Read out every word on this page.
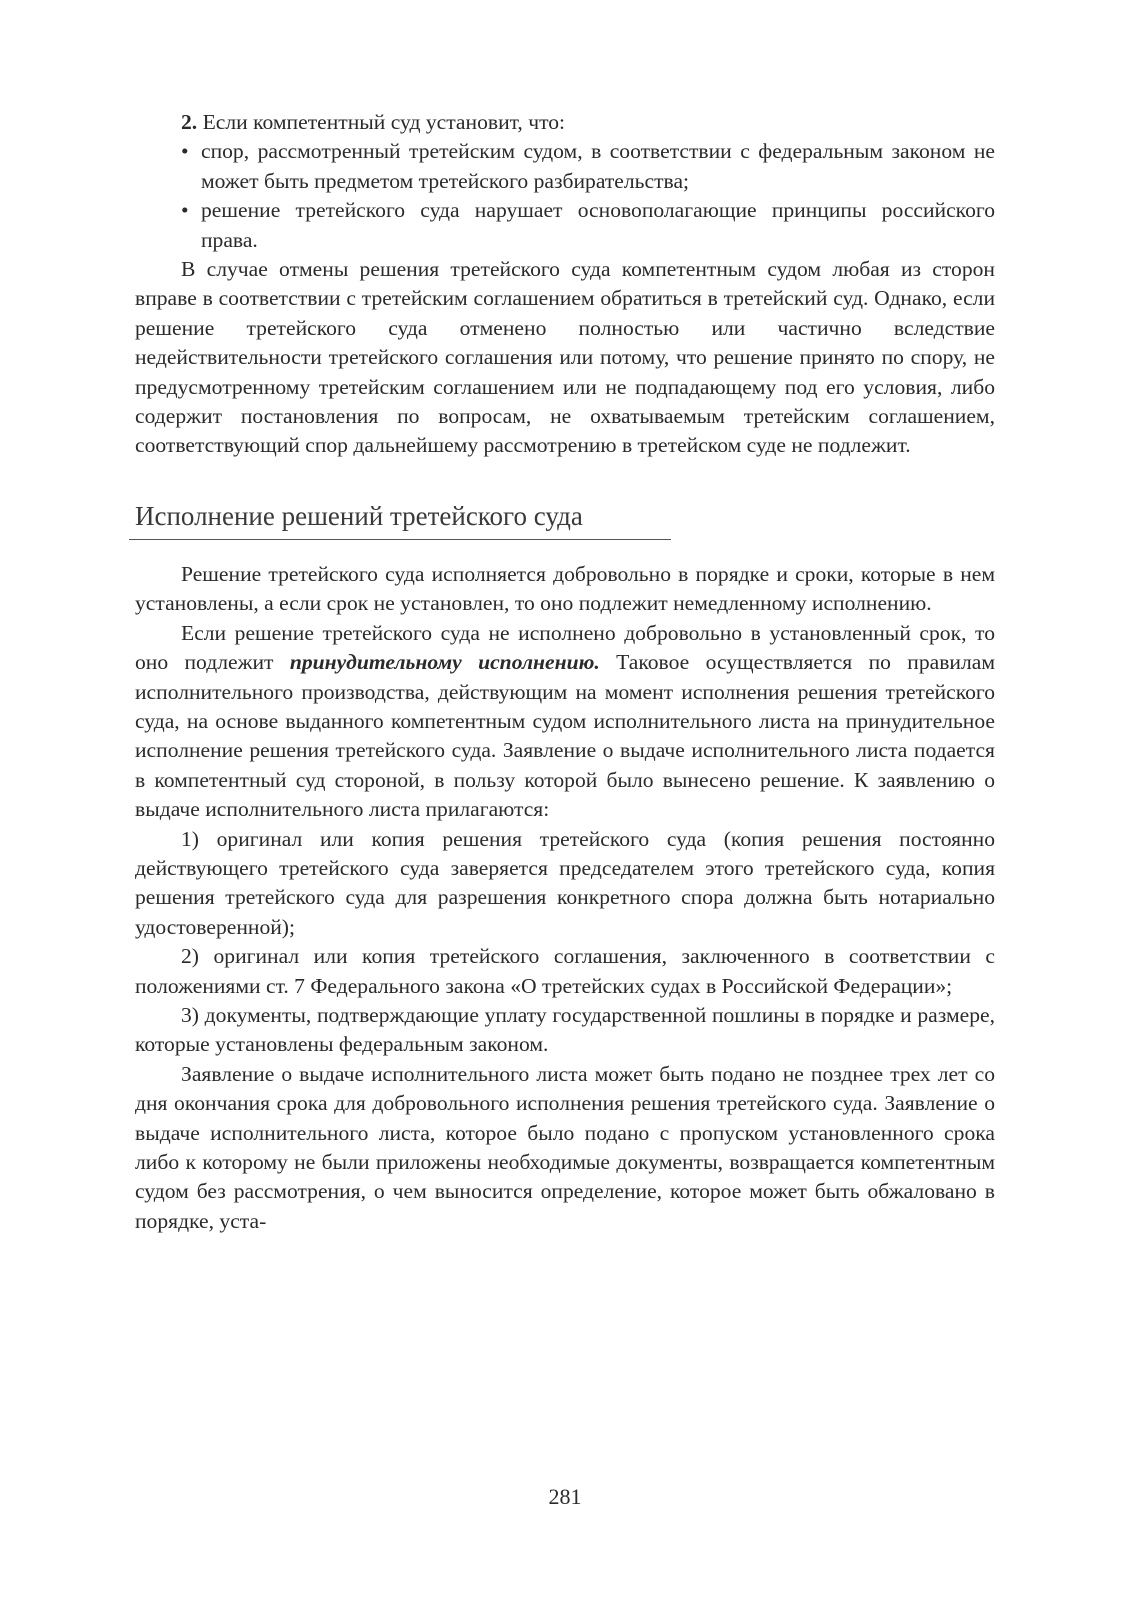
2. Если компетентный суд установит, что:

• спор, рассмотренный третейским судом, в соответствии с федеральным законом не может быть предметом третейского разбирательства;
• решение третейского суда нарушает основополагающие принципы российского права.

В случае отмены решения третейского суда компетентным судом любая из сторон вправе в соответствии с третейским соглашением обратиться в третейский суд. Однако, если решение третейского суда отменено полностью или частично вследствие недействительности третейского соглашения или потому, что решение принято по спору, не предусмотренному третейским соглашением или не подпадающему под его условия, либо содержит постановления по вопросам, не охватываемым третейским соглашением, соответствующий спор дальнейшему рассмотрению в третейском суде не подлежит.

Исполнение решений третейского суда

Решение третейского суда исполняется добровольно в порядке и сроки, которые в нем установлены, а если срок не установлен, то оно подлежит немедленному исполнению.

Если решение третейского суда не исполнено добровольно в установленный срок, то оно подлежит принудительному исполнению. Таковое осуществляется по правилам исполнительного производства, действующим на момент исполнения решения третейского суда, на основе выданного компетентным судом исполнительного листа на принудительное исполнение решения третейского суда. Заявление о выдаче исполнительного листа подается в компетентный суд стороной, в пользу которой было вынесено решение. К заявлению о выдаче исполнительного листа прилагаются:

1) оригинал или копия решения третейского суда (копия решения постоянно действующего третейского суда заверяется председателем этого третейского суда, копия решения третейского суда для разрешения конкретного спора должна быть нотариально удостоверенной);

2) оригинал или копия третейского соглашения, заключенного в соответствии с положениями ст. 7 Федерального закона «О третейских судах в Российской Федерации»;

3) документы, подтверждающие уплату государственной пошлины в порядке и размере, которые установлены федеральным законом.

Заявление о выдаче исполнительного листа может быть подано не позднее трех лет со дня окончания срока для добровольного исполнения решения третейского суда. Заявление о выдаче исполнительного листа, которое было подано с пропуском установленного срока либо к которому не были приложены необходимые документы, возвращается компетентным судом без рассмотрения, о чем выносится определение, которое может быть обжаловано в порядке, уста-

281
